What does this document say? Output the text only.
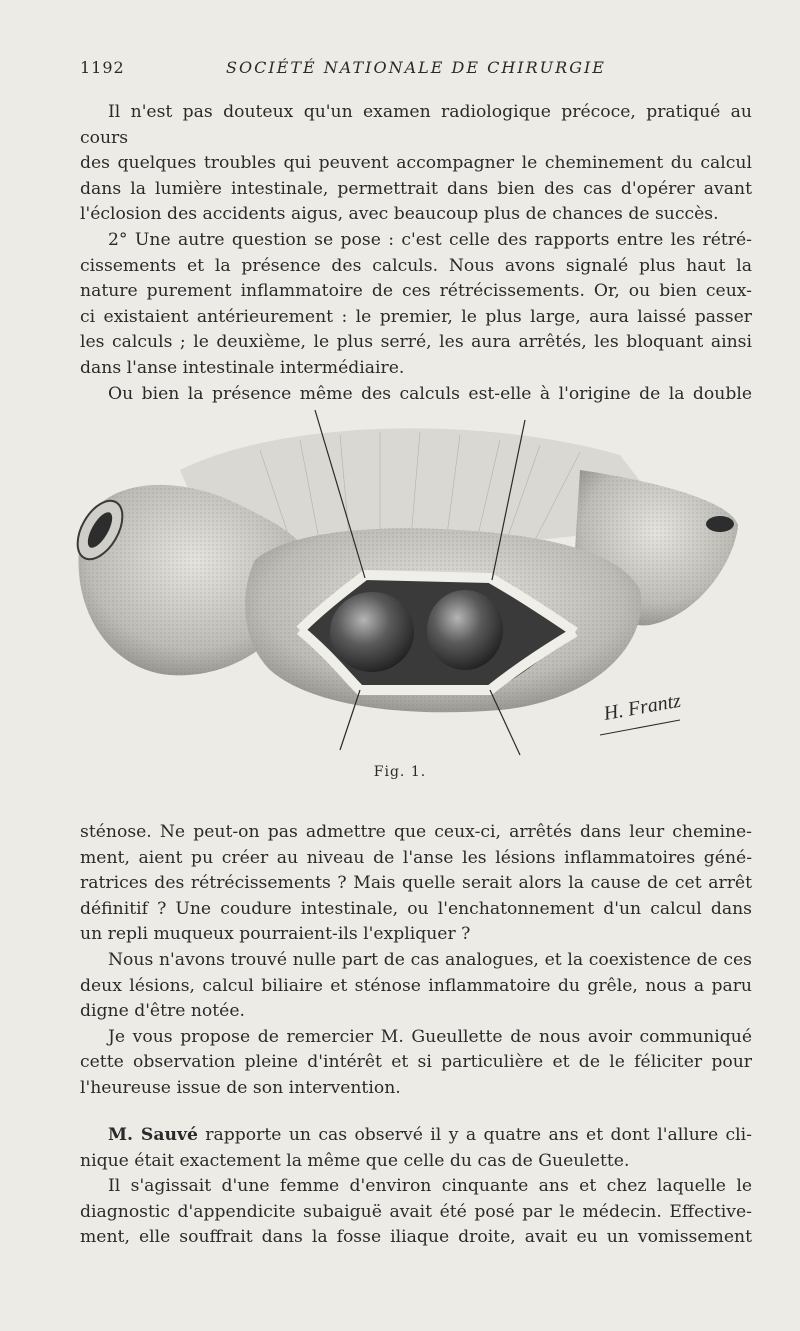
1192	SOCIÉTÉ NATIONALE DE CHIRURGIE

Il n'est pas douteux qu'un examen radiologique précoce, pratiqué au cours

des quelques troubles qui peuvent accompagner le cheminement du calcul

dans la lumière intestinale, permettrait dans bien des cas d'opérer avant

l'éclosion des accidents aigus, avec beaucoup plus de chances de succès.

2° Une autre question se pose : c'est celle des rapports entre les rétré-

cissements et la présence des calculs. Nous avons signalé plus haut la

nature purement inflammatoire de ces rétrécissements. Or, ou bien ceux-

ci existaient antérieurement : le premier, le plus large, aura laissé passer

les calculs ; le deuxième, le plus serré, les aura arrêtés, les bloquant ainsi

dans l'anse intestinale intermédiaire.

Ou bien la présence même des calculs est-elle à l'origine de la double

H. Frantz
Fig. 1.

sténose. Ne peut-on pas admettre que ceux-ci, arrêtés dans leur chemine-

ment, aient pu créer au niveau de l'anse les lésions inflammatoires géné-

ratrices des rétrécissements ? Mais quelle serait alors la cause de cet arrêt

définitif ? Une coudure intestinale, ou l'enchatonnement d'un calcul dans

un repli muqueux pourraient-ils l'expliquer ?

Nous n'avons trouvé nulle part de cas analogues, et la coexistence de ces

deux lésions, calcul biliaire et sténose inflammatoire du grêle, nous a paru

digne d'être notée.

Je vous propose de remercier M. Gueullette de nous avoir communiqué

cette observation pleine d'intérêt et si particulière et de le féliciter pour

l'heureuse issue de son intervention.

M. Sauvé rapporte un cas observé il y a quatre ans et dont l'allure cli-

nique était exactement la même que celle du cas de Gueulette.

Il s'agissait d'une femme d'environ cinquante ans et chez laquelle le

diagnostic d'appendicite subaiguë avait été posé par le médecin. Effective-

ment, elle souffrait dans la fosse iliaque droite, avait eu un vomissement
